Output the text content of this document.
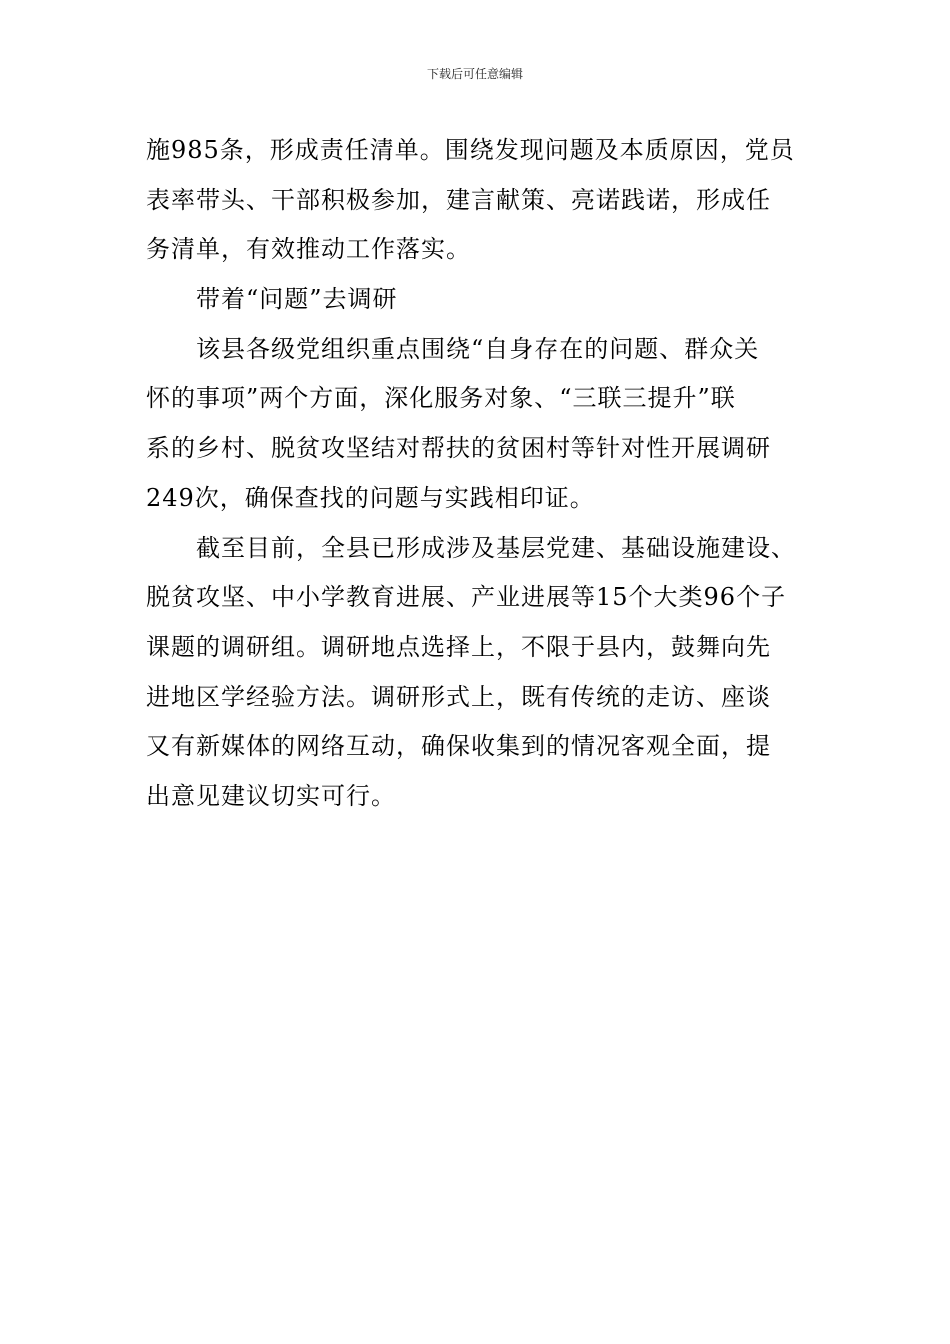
下载后可任意编辑
施985条，形成责任清单。围绕发现问题及本质原因，党员
表率带头、干部积极参加，建言献策、亮诺践诺，形成任
务清单，有效推动工作落实。
带着“问题”去调研
该县各级党组织重点围绕“自身存在的问题、群众关
怀的事项”两个方面，深化服务对象、“三联三提升”联
系的乡村、脱贫攻坚结对帮扶的贫困村等针对性开展调研
249次，确保查找的问题与实践相印证。
截至目前，全县已形成涉及基层党建、基础设施建设、
脱贫攻坚、中小学教育进展、产业进展等15个大类96个子
课题的调研组。调研地点选择上，不限于县内，鼓舞向先
进地区学经验方法。调研形式上，既有传统的走访、座谈
又有新媒体的网络互动，确保收集到的情况客观全面，提
出意见建议切实可行。
